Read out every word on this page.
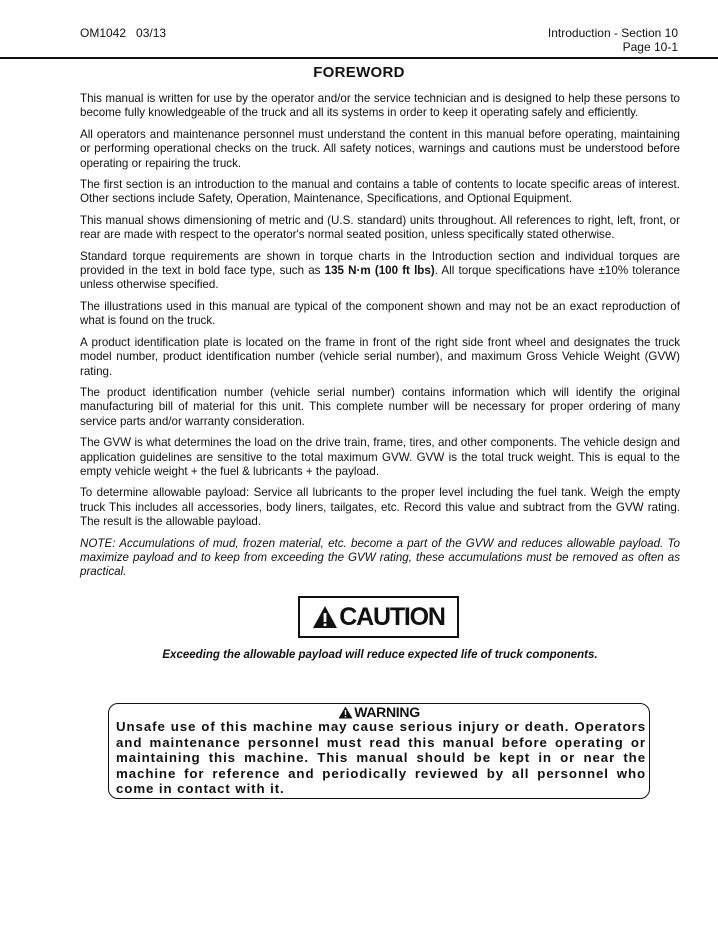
OM1042 03/13	Introduction - Section 10
Page 10-1
FOREWORD

This manual is written for use by the operator and/or the service technician and is designed to help these persons to become fully knowledgeable of the truck and all its systems in order to keep it operating safely and efficiently.

All operators and maintenance personnel must understand the content in this manual before operating, maintaining or performing operational checks on the truck. All safety notices, warnings and cautions must be understood before operating or repairing the truck.

The first section is an introduction to the manual and contains a table of contents to locate specific areas of interest. Other sections include Safety, Operation, Maintenance, Specifications, and Optional Equipment.

This manual shows dimensioning of metric and (U.S. standard) units throughout. All references to right, left, front, or rear are made with respect to the operator's normal seated position, unless specifically stated otherwise.

Standard torque requirements are shown in torque charts in the Introduction section and individual torques are provided in the text in bold face type, such as 135 N·m (100 ft lbs). All torque specifications have ±10% tolerance unless otherwise specified.

The illustrations used in this manual are typical of the component shown and may not be an exact reproduction of what is found on the truck.

A product identification plate is located on the frame in front of the right side front wheel and designates the truck model number, product identification number (vehicle serial number), and maximum Gross Vehicle Weight (GVW) rating.

The product identification number (vehicle serial number) contains information which will identify the original manufacturing bill of material for this unit. This complete number will be necessary for proper ordering of many service parts and/or warranty consideration.

The GVW is what determines the load on the drive train, frame, tires, and other components. The vehicle design and application guidelines are sensitive to the total maximum GVW. GVW is the total truck weight. This is equal to the empty vehicle weight + the fuel & lubricants + the payload.

To determine allowable payload: Service all lubricants to the proper level including the fuel tank. Weigh the empty truck This includes all accessories, body liners, tailgates, etc. Record this value and subtract from the GVW rating. The result is the allowable payload.

NOTE: Accumulations of mud, frozen material, etc. become a part of the GVW and reduces allowable payload. To maximize payload and to keep from exceeding the GVW rating, these accumulations must be removed as often as practical.

CAUTION
Exceeding the allowable payload will reduce expected life of truck components.
WARNING
Unsafe use of this machine may cause serious injury or death. Operators and maintenance personnel must read this manual before operating or maintaining this machine. This manual should be kept in or near the machine for reference and periodically reviewed by all personnel who come in contact with it.
